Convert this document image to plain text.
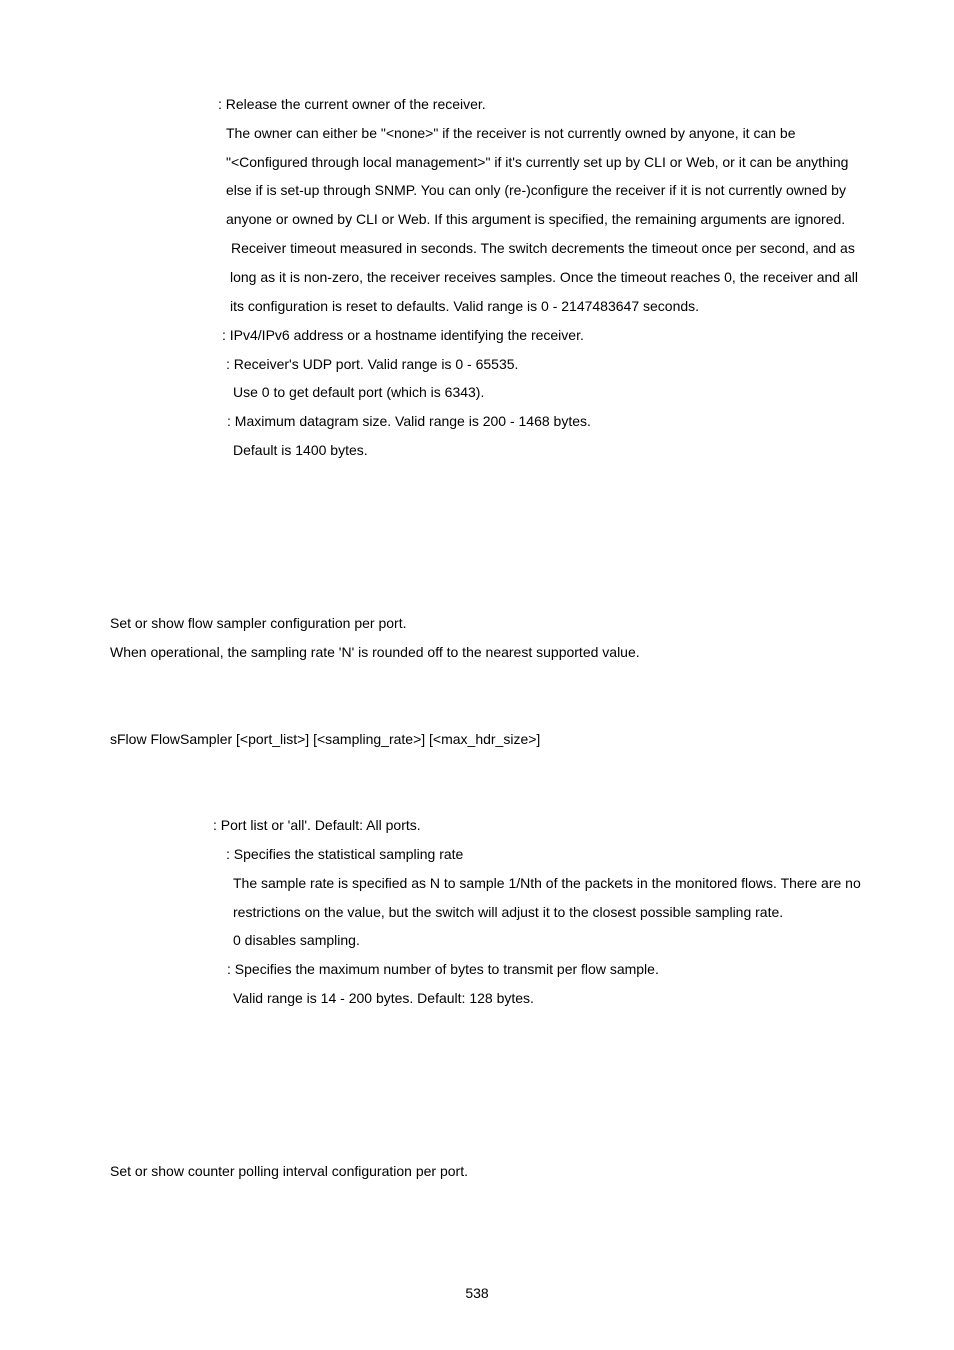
: Release the current owner of the receiver.

The owner can either be "<none>" if the receiver is not currently owned by anyone, it can be

"<Configured through local management>" if it's currently set up by CLI or Web, or it can be anything

else if is set-up through SNMP. You can only (re-)configure the receiver if it is not currently owned by

anyone or owned by CLI or Web. If this argument is specified, the remaining arguments are ignored.

Receiver timeout measured in seconds. The switch decrements the timeout once per second, and as

long as it is non-zero, the receiver receives samples. Once the timeout reaches 0, the receiver and all

its configuration is reset to defaults. Valid range is 0 - 2147483647 seconds.

: IPv4/IPv6 address or a hostname identifying the receiver.

: Receiver's UDP port. Valid range is 0 - 65535.

Use 0 to get default port (which is 6343).

: Maximum datagram size. Valid range is 200 - 1468 bytes.

Default is 1400 bytes.

Set or show flow sampler configuration per port.

When operational, the sampling rate 'N' is rounded off to the nearest supported value.

sFlow FlowSampler [<port_list>] [<sampling_rate>] [<max_hdr_size>]

: Port list or 'all'. Default: All ports.

: Specifies the statistical sampling rate

The sample rate is specified as N to sample 1/Nth of the packets in the monitored flows. There are no

restrictions on the value, but the switch will adjust it to the closest possible sampling rate.

0 disables sampling.

: Specifies the maximum number of bytes to transmit per flow sample.

Valid range is 14 - 200 bytes. Default: 128 bytes.

Set or show counter polling interval configuration per port.

538
